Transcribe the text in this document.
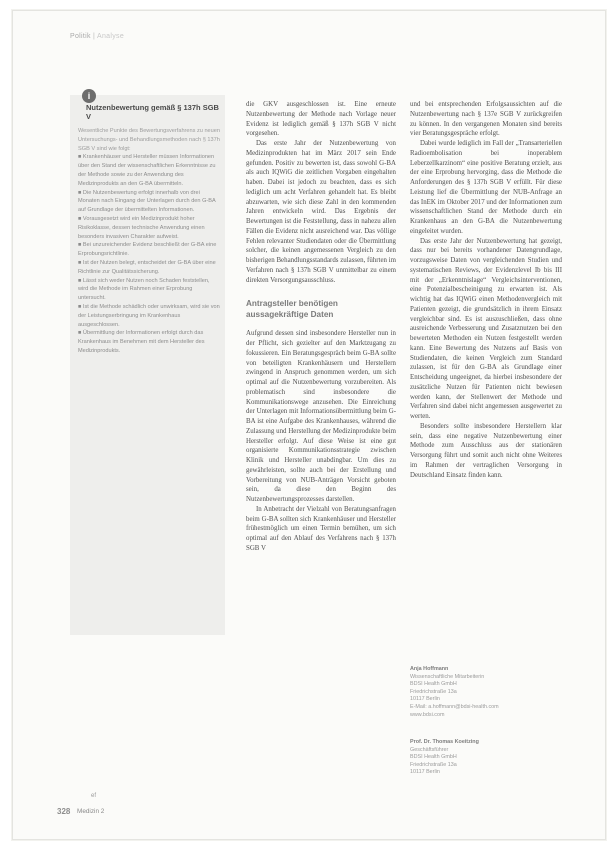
Politik | Analyse
i
Nutzenbewertung gemäß § 137h SGB V

Wesentliche Punkte des Bewertungsverfahrens zu neuen Untersuchungs- und Behandlungsmethoden nach § 137h SGB V sind wie folgt:

■ Krankenhäuser und Hersteller müssen Informationen über den Stand der wissenschaftlichen Erkenntnisse zu der Methode sowie zu der Anwendung des Medizinprodukts an den G-BA übermitteln.

■ Die Nutzenbewertung erfolgt innerhalb von drei Monaten nach Eingang der Unterlagen durch den G-BA auf Grundlage der übermittelten Informationen.

■ Vorausgesetzt wird ein Medizinprodukt hoher Risikoklasse, dessen technische Anwendung einen besonders invasiven Charakter aufweist.

■ Bei unzureichender Evidenz beschließt der G-BA eine Erprobungsrichtlinie.

■ Ist der Nutzen belegt, entscheidet der G-BA über eine Richtlinie zur Qualitätssicherung.

■ Lässt sich weder Nutzen noch Schaden feststellen, wird die Methode im Rahmen einer Erprobung untersucht.

■ Ist die Methode schädlich oder unwirksam, wird sie von der Leistungserbringung im Krankenhaus ausgeschlossen.

■ Übermittlung der Informationen erfolgt durch das Krankenhaus im Benehmen mit dem Hersteller des Medizinprodukts.

die GKV ausgeschlossen ist. Eine erneute Nutzenbewertung der Methode nach Vorlage neuer Evidenz ist lediglich gemäß § 137h SGB V nicht vorgesehen.

Das erste Jahr der Nutzenbewertung von Medizinprodukten hat im März 2017 sein Ende gefunden. Positiv zu bewerten ist, dass sowohl G-BA als auch IQWiG die zeitlichen Vorgaben eingehalten haben. Dabei ist jedoch zu beachten, dass es sich lediglich um acht Verfahren gehandelt hat. Es bleibt abzuwarten, wie sich diese Zahl in den kommenden Jahren entwickeln wird. Das Ergebnis der Bewertungen ist die Feststellung, dass in nahezu allen Fällen die Evidenz nicht ausreichend war. Das völlige Fehlen relevanter Studiendaten oder die Übermittlung solcher, die keinen angemessenen Vergleich zu den bisherigen Behandlungsstandards zulassen, führten im Verfahren nach § 137h SGB V unmittelbar zu einem direkten Versorgungsausschluss.

Antragsteller benötigen aussagekräftige Daten

Aufgrund dessen sind insbesondere Hersteller nun in der Pflicht, sich gezielter auf den Marktzugang zu fokussieren. Ein Beratungsgespräch beim G-BA sollte von beteiligten Krankenhäusern und Herstellern zwingend in Anspruch genommen werden, um sich optimal auf die Nutzenbewertung vorzubereiten. Als problematisch sind insbesondere die Kommunikationswege anzusehen. Die Einreichung der Unterlagen mit Informationsübermittlung beim G-BA ist eine Aufgabe des Krankenhauses, während die Zulassung und Herstellung der Medizinprodukte beim Hersteller erfolgt. Auf diese Weise ist eine gut organisierte Kommunikationsstrategie zwischen Klinik und Hersteller unabdingbar. Um dies zu gewährleisten, sollte auch bei der Erstellung und Vorbereitung von NUB-Anträgen Vorsicht geboten sein, da diese den Beginn des Nutzenbewertungsprozesses darstellen.

In Anbetracht der Vielzahl von Beratungsanfragen beim G-BA sollten sich Krankenhäuser und Hersteller frühestmöglich um einen Termin bemühen, um sich optimal auf den Ablauf des Verfahrens nach § 137h SGB V

und bei entsprechenden Erfolgsaussichten auf die Nutzenbewertung nach § 137e SGB V zurückgreifen zu können. In den vergangenen Monaten sind bereits vier Beratungsgespräche erfolgt.

Dabei wurde lediglich im Fall der „Transarteriellen Radioembolisation bei inoperablem Leberzellkarzinom“ eine positive Beratung erzielt, aus der eine Erprobung hervorging, dass die Methode die Anforderungen des § 137h SGB V erfüllt. Für diese Leistung lief die Übermittlung der NUB-Anfrage an das InEK im Oktober 2017 und der Informationen zum wissenschaftlichen Stand der Methode durch ein Krankenhaus an den G-BA die Nutzenbewertung eingeleitet wurden.

Das erste Jahr der Nutzenbewertung hat gezeigt, dass nur bei bereits vorhandener Datengrundlage, vorzugsweise Daten von vergleichenden Studien und systematischen Reviews, der Evidenzlevel Ib bis III mit der „Erkenntnislage“ Vergleichsinterventionen, eine Potenzialbescheinigung zu erwarten ist. Als wichtig hat das IQWiG einen Methodenvergleich mit Patienten gezeigt, die grundsätzlich in ihrem Einsatz vergleichbar sind. Es ist auszuschließen, dass ohne ausreichende Verbesserung und Zusatznutzen bei den bewerteten Methoden ein Nutzen festgestellt werden kann. Eine Bewertung des Nutzens auf Basis von Studiendaten, die keinen Vergleich zum Standard zulassen, ist für den G-BA als Grundlage einer Entscheidung ungeeignet, da hierbei insbesondere der zusätzliche Nutzen für Patienten nicht bewiesen werden kann, der Stellenwert der Methode und Verfahren sind dabei nicht angemessen ausgewertet zu werten.

Besonders sollte insbesondere Herstellern klar sein, dass eine negative Nutzenbewertung einer Methode zum Ausschluss aus der stationären Versorgung führt und somit auch nicht ohne Weiteres im Rahmen der vertraglichen Versorgung in Deutschland Einsatz finden kann.

Anja Hoffmann
Wissenschaftliche Mitarbeiterin
BDSI Health GmbH
Friedrichstraße 13a
10117 Berlin
E-Mail: a.hoffmann@bdsi-health.com
www.bdsi.com
Prof. Dr. Thomas Koeitzing
Geschäftsführer
BDSI Health GmbH
Friedrichstraße 13a
10117 Berlin
ef
328 Medizin 2
